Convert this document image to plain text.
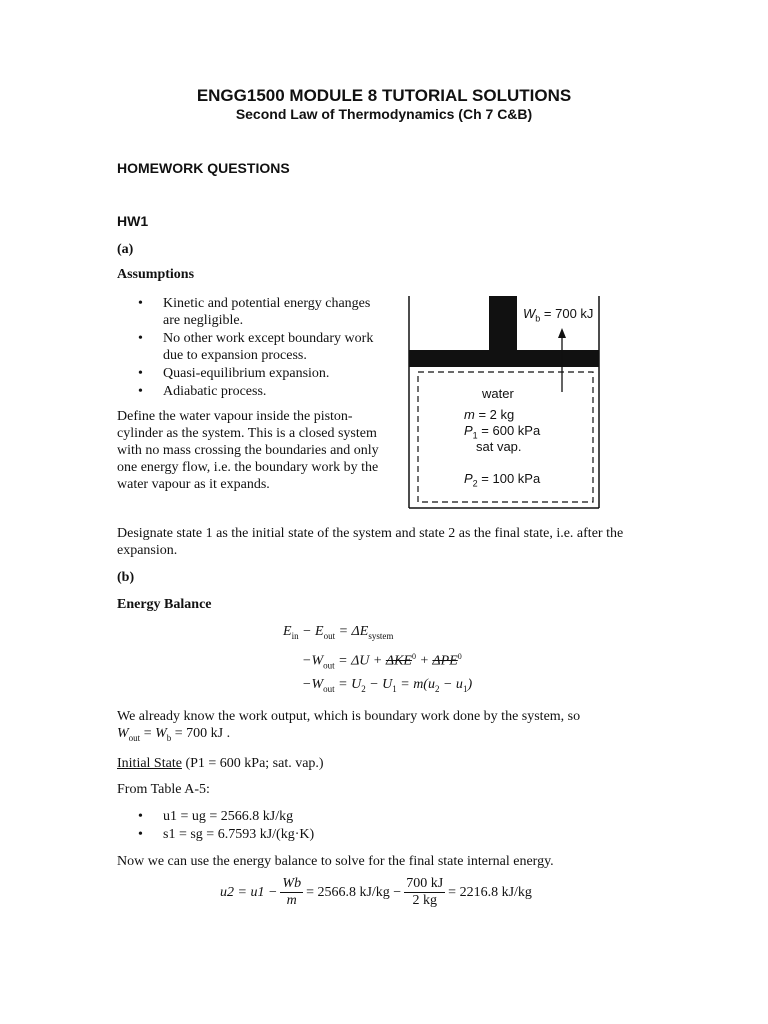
ENGG1500 MODULE 8 TUTORIAL SOLUTIONS
Second Law of Thermodynamics (Ch 7 C&B)
HOMEWORK QUESTIONS
HW1
(a)
Assumptions
• Kinetic and potential energy changes are negligible.
• No other work except boundary work due to expansion process.
• Quasi-equilibrium expansion.
• Adiabatic process.
Define the water vapour inside the piston-cylinder as the system. This is a closed system with no mass crossing the boundaries and only one energy flow, i.e. the boundary work by the water vapour as it expands.
$W_b = 700$ kJ
water
m = 2 kg
$P_1 = 600$ kPa
sat vap.
$P_2 = 100$ kPa
Designate state 1 as the initial state of the system and state 2 as the final state, i.e. after the expansion.
(b)
Energy Balance
$E_{in} - E_{out} = \Delta E_{system}$
$-W_{out} = \Delta U + \Delta KE^0 + \Delta PE^0$
$-W_{out} = U_2 - U_1 = m(u_2 - u_1)$
We already know the work output, which is boundary work done by the system, so
$W_{out} = W_b = 700$ kJ .
Initial State (P1 = 600 kPa; sat. vap.)
From Table A-5:
• u1 = ug = 2566.8 kJ/kg
• s1 = sg = 6.7593 kJ/(kg·K)
Now we can use the energy balance to solve for the final state internal energy.
$u2 = u1 - \frac{Wb}{m} = 2566.8$ $kJ/kg - \frac{700 kJ}{2 kg} = 2216.8$ kJ/kg
